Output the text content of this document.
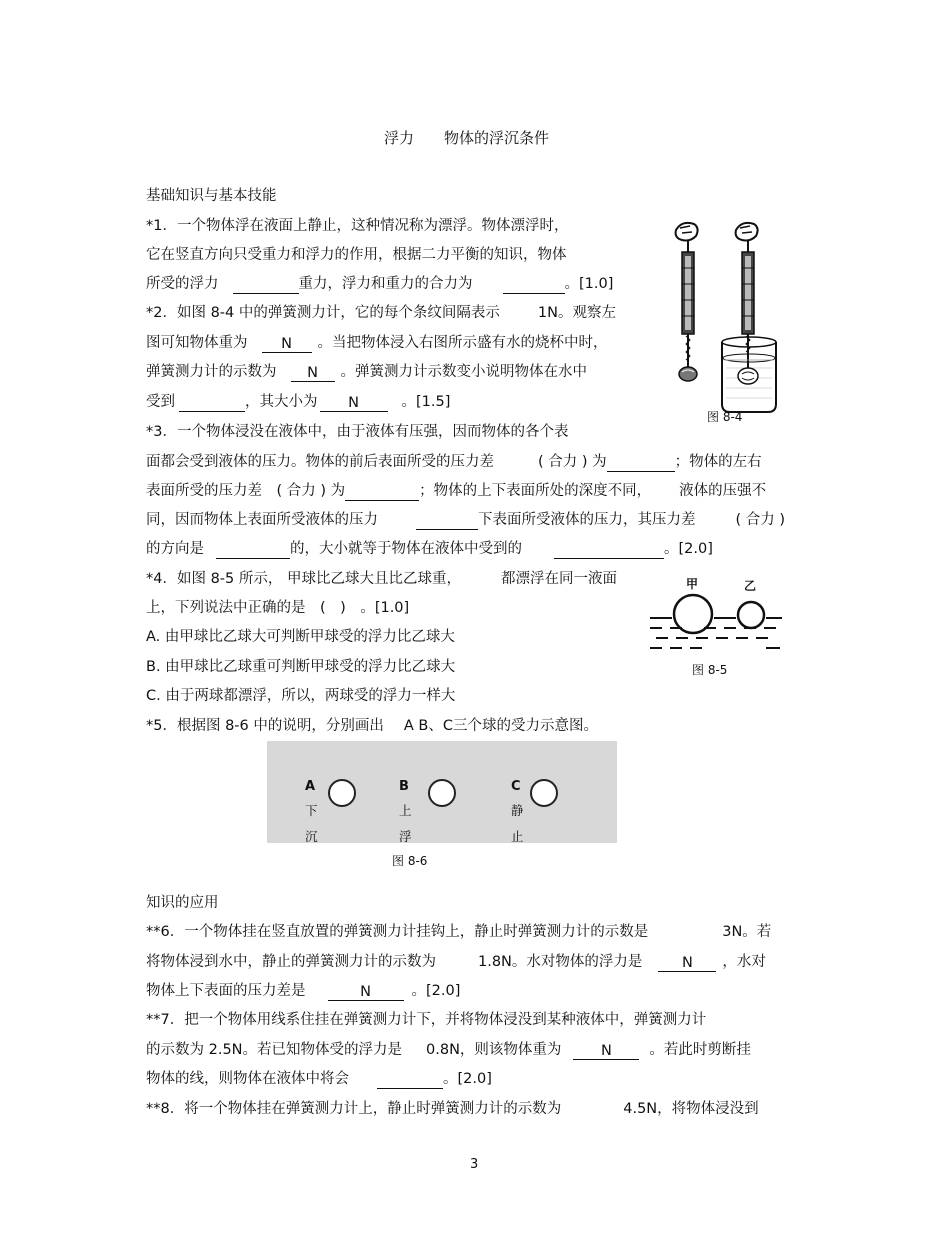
浮力　　物体的浮沉条件
基础知识与基本技能
*1．一个物体浮在液面上静止，这种情况称为漂浮。物体漂浮时，
它在竖直方向只受重力和浮力的作用，根据二力平衡的知识，物体
所受的浮力	重力，浮力和重力的合力为	。[1.0]
*2．如图 8-4 中的弹簧测力计，它的每个条纹间隔表示	1N。观察左
图可知物体重为 N 。当把物体浸入右图所示盛有水的烧杯中时，
弹簧测力计的示数为 N 。弹簧测力计示数变小说明物体在水中
受到	，其大小为 N	。[1.5]
图 8-4
*3．一个物体浸没在液体中，由于液体有压强，因而物体的各个表
面都会受到液体的压力。物体的前后表面所受的压力差	( 合力 ) 为	；物体的左右
表面所受的压力差　( 合力 ) 为	；物体的上下表面所处的深度不同， 液体的压强不
同，因而物体上表面所受液体的压力	下表面所受液体的压力，其压力差	( 合力 )
的方向是	的，大小就等于物体在液体中受到的	。[2.0]
*4．如图 8-5 所示， 甲球比乙球大且比乙球重，	都漂浮在同一液面
上，下列说法中正确的是　(　)　。[1.0]
A. 由甲球比乙球大可判断甲球受的浮力比乙球大
B. 由甲球比乙球重可判断甲球受的浮力比乙球大
C. 由于两球都漂浮，所以，两球受的浮力一样大
甲	乙
图 8-5
*5．根据图 8-6 中的说明，分别画出 A B、C三个球的受力示意图。
A
下
沉
B
上
浮
C
静
止
图 8-6
知识的应用
**6．一个物体挂在竖直放置的弹簧测力计挂钩上，静止时弹簧测力计的示数是	3N。若
将物体浸到水中，静止的弹簧测力计的示数为	1.8N。水对物体的浮力是	N ，水对
物体上下表面的压力差是	N	。[2.0]
**7．把一个物体用线系住挂在弹簧测力计下，并将物体浸没到某种液体中，弹簧测力计
的示数为 2.5N。若已知物体受的浮力是 0.8N，则该物体重为	N	。若此时剪断挂
物体的线，则物体在液体中将会	。[2.0]
**8．将一个物体挂在弹簧测力计上，静止时弹簧测力计的示数为	4.5N，将物体浸没到
3
